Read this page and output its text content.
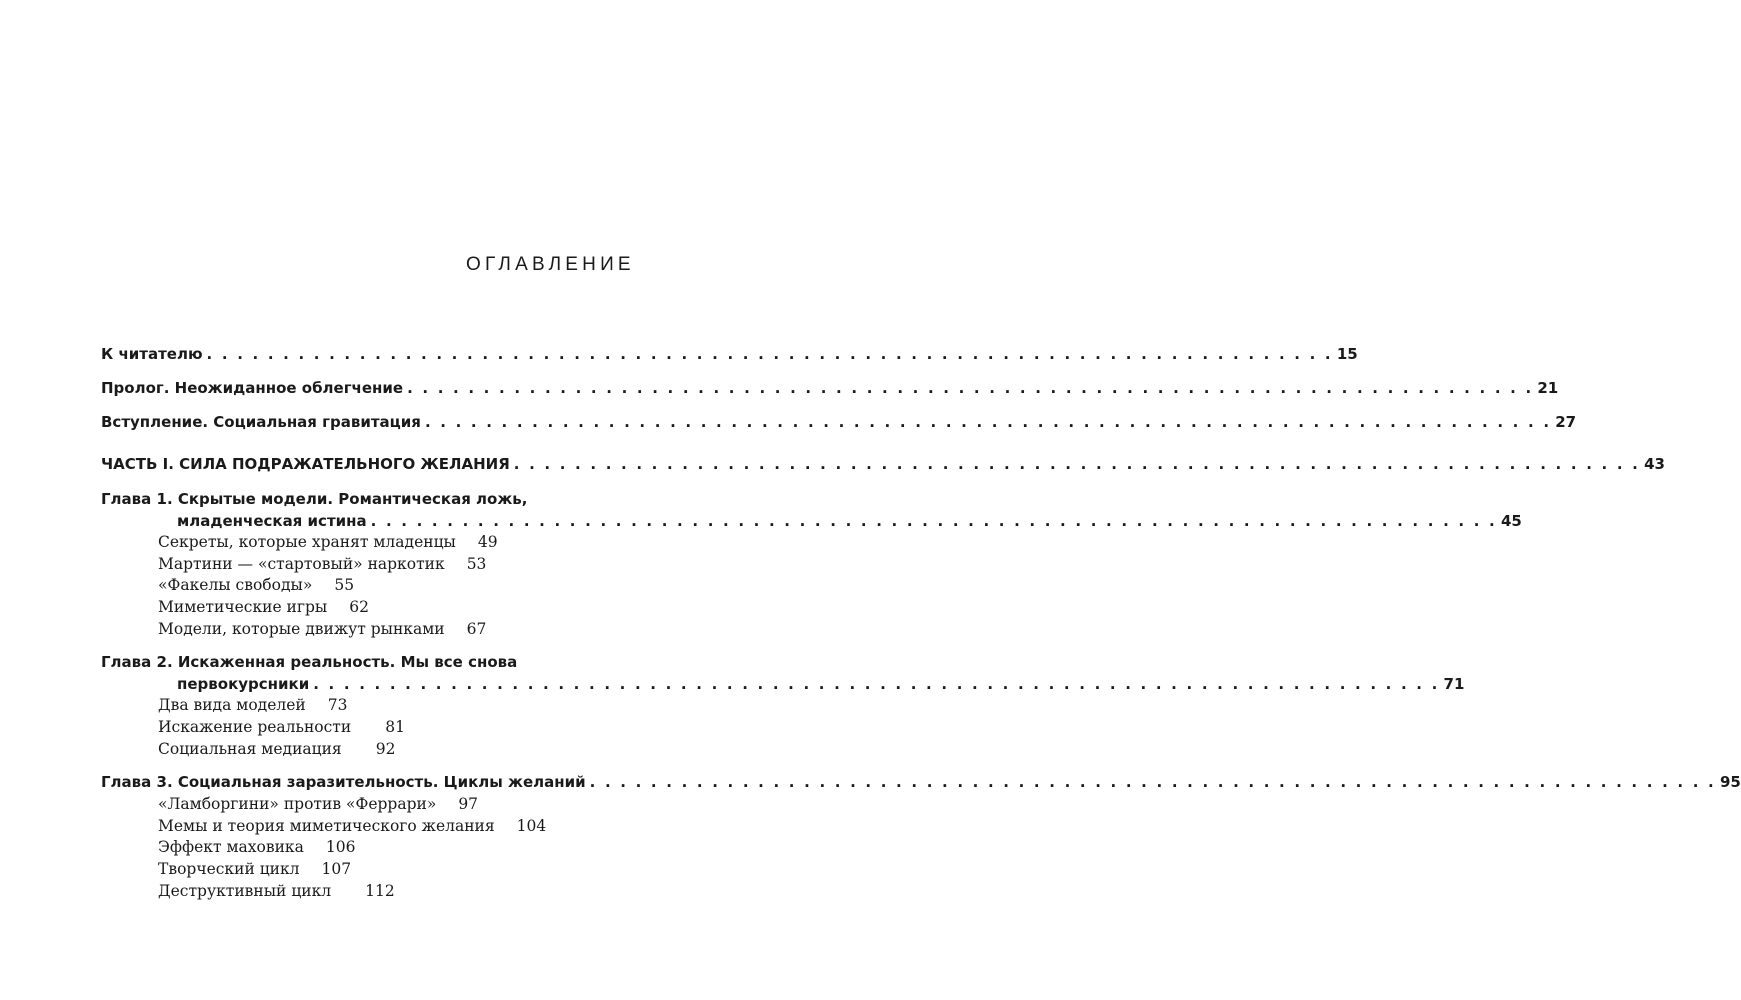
ОГЛАВЛЕНИЕ
К читателю . . . . . . . . . . . . . . . . . . . . . . . . . . . . . . . . . . . . . . . . . . . . . . . . . . . . . . . . . . . . . . . . . . . . . . . . . . 15
Пролог. Неожиданное облегчение . . . . . . . . . . . . . . . . . . . . . . . . . . . . . . . . . . . . . . . . . . . . . . . . . . . . . . . . . . . . . . . . . . . . . . . . . . 21
Вступление. Социальная гравитация . . . . . . . . . . . . . . . . . . . . . . . . . . . . . . . . . . . . . . . . . . . . . . . . . . . . . . . . . . . . . . . . . . . . . . . . . . 27
ЧАСТЬ I. СИЛА ПОДРАЖАТЕЛЬНОГО ЖЕЛАНИЯ . . . . . . . . . . . . . . . . . . . . . . . . . . . . . . . . . . . . . . . . . . . . . . . . . . . . . . . . . . . . . . . . . . . . . . . . . . 43
Глава 1. Скрытые модели. Романтическая ложь,
младенческая истина . . . . . . . . . . . . . . . . . . . . . . . . . . . . . . . . . . . . . . . . . . . . . . . . . . . . . . . . . . . . . . . . . . . . . . . . . . 45
Секреты, которые хранят младенцы 49
Мартини — «стартовый» наркотик 53
«Факелы свободы» 55
Миметические игры 62
Модели, которые движут рынками 67
Глава 2. Искаженная реальность. Мы все снова
первокурсники . . . . . . . . . . . . . . . . . . . . . . . . . . . . . . . . . . . . . . . . . . . . . . . . . . . . . . . . . . . . . . . . . . . . . . . . . . 71
Два вида моделей 73
Искажение реальности 81
Социальная медиация 92
Глава 3. Социальная заразительность. Циклы желаний . . . . . . . . . . . . . . . . . . . . . . . . . . . . . . . . . . . . . . . . . . . . . . . . . . . . . . . . . . . . . . . . . . . . . . . . . . 95
«Ламборгини» против «Феррари» 97
Мемы и теория миметического желания 104
Эффект маховика 106
Творческий цикл 107
Деструктивный цикл 112
